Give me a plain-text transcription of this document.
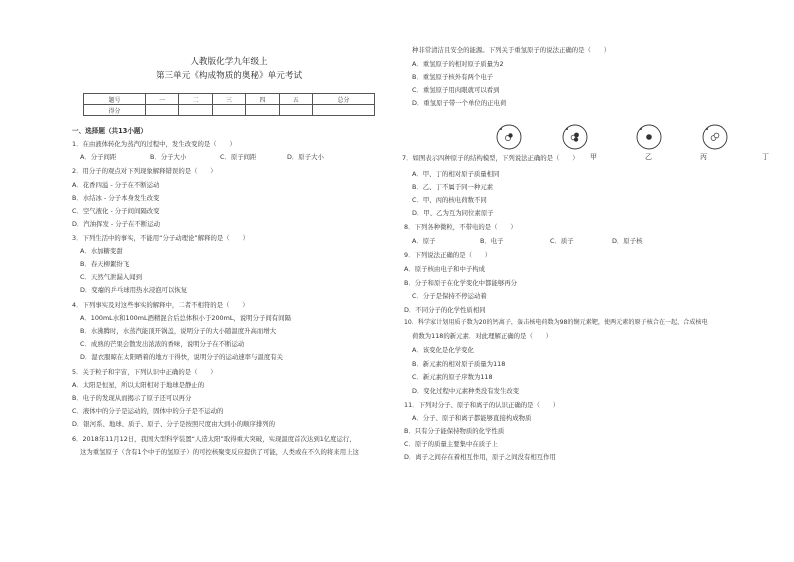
人教版化学九年级上
第三单元《构成物质的奥秘》单元考试
题号	一	二	三	四	五	总分
得分						
一、选择题（共13小题）
1．在由液体转化为蒸汽的过程中，发生改变的是（　　）
A．分子间距	B．分子大小	C．原子间距	D．原子大小
2．用分子的观点对下列现象解释错误的是（　　）
A．花香四溢 - 分子在不断运动
B．水结冰 - 分子本身发生改变
C．空气液化 - 分子间间隔改变
D．汽油挥发 - 分子在不断运动
3．下列生活中的事实，不能用“分子动理论”解释的是（　　）
A．水加糖变甜
B．春天柳絮纷飞
C．天然气泄漏入闻到
D．变瘪的乒乓球用热水浸泡可以恢复
4．下列事实及对这些事实的解释中，二者不相符的是（　　）
A．100mL水和100mL酒精混合后总体积小于200mL，说明分子间有间隔
B．水沸腾时，水蒸汽能顶开锅盖，说明分子的大小随温度升高而增大
C．成熟的芒果会散发出浓浓的香味，说明分子在不断运动
D．湿衣服晾在太阳晒着的地方干得快，说明分子的运动速率与温度有关
5．关于粒子和宇宙，下列认识中正确的是（　　）
A．太阳是恒星，所以太阳相对于地球是静止的
B．电子的发现从而揭示了原子还可以再分
C．液体中的分子是运动的，固体中的分子是不运动的
D．银河系、地球、质子、原子、分子是按照尺度由大到小的顺序排列的
6．2018年11月12日，我国大型科学装置“人造太阳”取得重大突破，实现温度首次达到1亿度运行，
这为重氢原子（含有1个中子的氢原子）的可控核聚变反应提供了可能，人类或在不久的将来用上这
种非常清洁且安全的能源。下列关于重氢原子的说法正确的是（　　）
A．重氢原子的相对原子质量为2
B．重氢原子核外有两个电子
C．重氢原子用肉眼就可以看到
D．重氢原子带一个单位的正电荷
甲	乙	丙	丁
7．如图表示四种原子的结构模型，下列说法正确的是（　　）
A．甲、丁的相对原子质量相同
B．乙、丁不属于同一种元素
C．甲、丙的核电荷数不同
D．甲、乙为互为同位素原子
8．下列各种微粒，不带电的是（　　）
A．原子	B．电子	C．质子	D．原子核
9．下列说法正确的是（　　）
A．原子核由电子和中子构成
B．分子和原子在化学变化中都能够再分
C．分子是保持不停运动着
D．不同分子的化学性质相同
10．科学家计划用质子数为20的钙离子，轰击核电荷数为98的锎元素靶，使两元素的原子核合在一起，合成核电
荷数为118的新元素．对此理解正确的是（　　）
A．该变化是化学变化
B．新元素的相对原子质量为118
C．新元素的原子序数为118
D．变化过程中元素种类没有发生改变
11．下列对分子、原子和离子的认识正确的是（　　）
A．分子、原子和离子都能够直接构成物质
B．只有分子能保持物质的化学性质
C．原子的质量主要集中在质子上
D．离子之间存在着相互作用，原子之间没有相互作用
